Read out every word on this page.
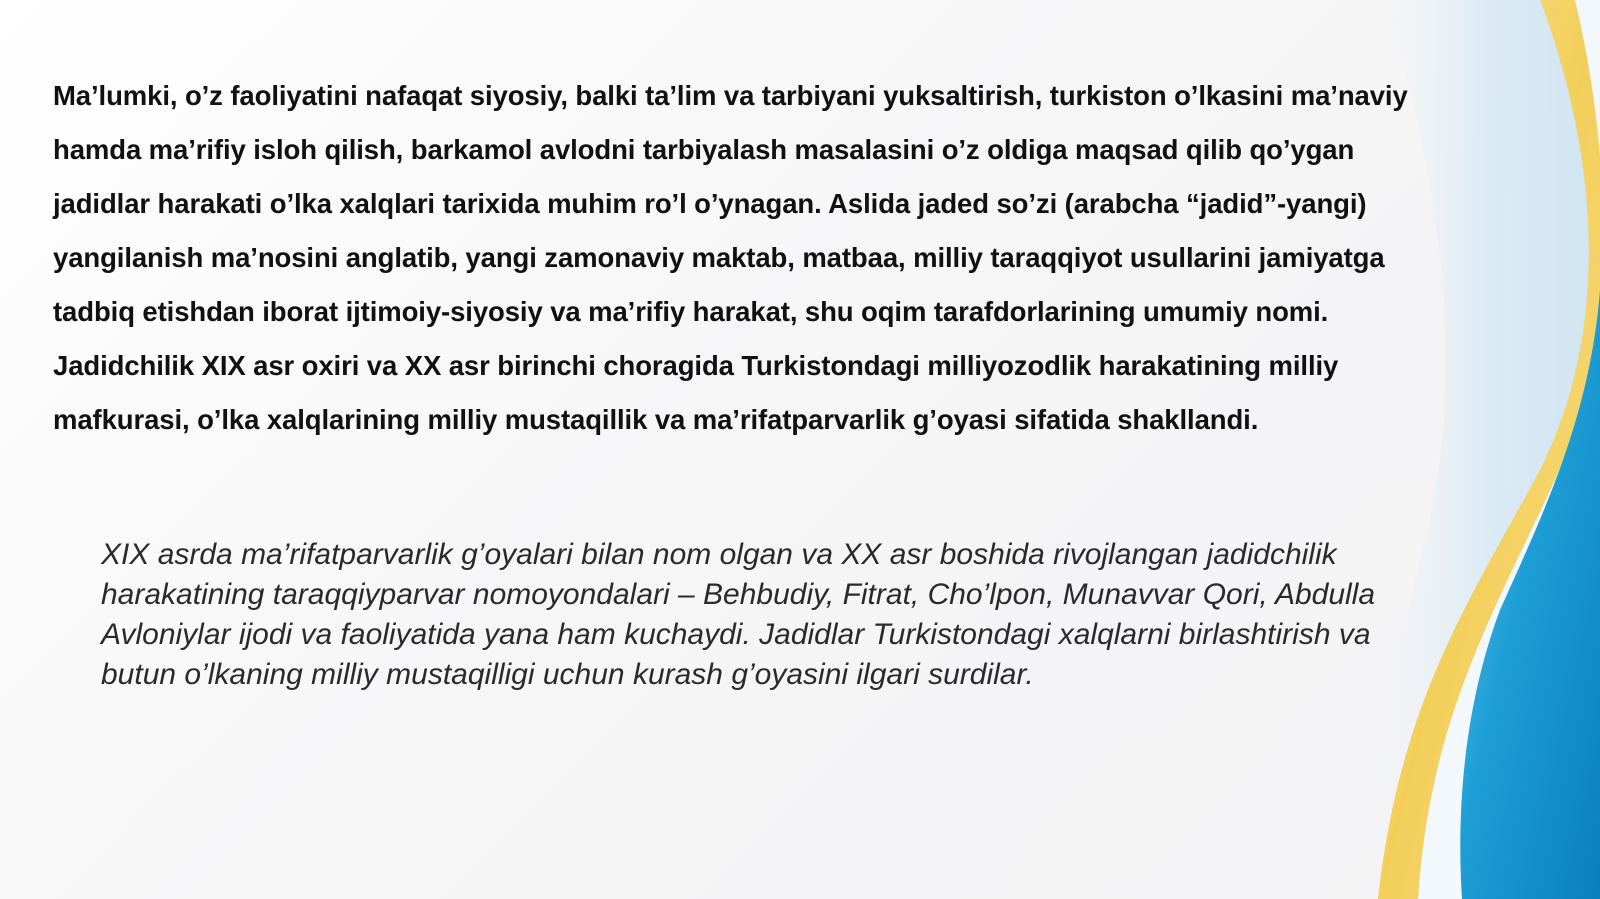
Ma’lumki, o’z faoliyatini nafaqat siyosiy, balki ta’lim va tarbiyani yuksaltirish, turkiston o’lkasini ma’naviy hamda ma’rifiy isloh qilish, barkamol avlodni tarbiyalash masalasini o’z oldiga maqsad qilib qo’ygan jadidlar harakati o’lka xalqlari tarixida muhim ro’l o’ynagan. Aslida jaded so’zi (arabcha “jadid”-yangi) yangilanish ma’nosini anglatib, yangi zamonaviy maktab, matbaa, milliy taraqqiyot usullarini jamiyatga tadbiq etishdan iborat ijtimoiy-siyosiy va ma’rifiy harakat, shu oqim tarafdorlarining umumiy nomi. Jadidchilik XIX asr oxiri va XX asr birinchi choragida Turkistondagi milliyozodlik harakatining milliy mafkurasi, o’lka xalqlarining milliy mustaqillik va ma’rifatparvarlik g’oyasi sifatida shakllandi.

XIX asrda ma’rifatparvarlik g’oyalari bilan nom olgan va XX asr boshida rivojlangan jadidchilik harakatining taraqqiyparvar nomoyondalari – Behbudiy, Fitrat, Cho’lpon, Munavvar Qori, Abdulla Avloniylar ijodi va faoliyatida yana ham kuchaydi. Jadidlar Turkistondagi xalqlarni birlashtirish va butun o’lkaning milliy mustaqilligi uchun kurash g’oyasini ilgari surdilar.
